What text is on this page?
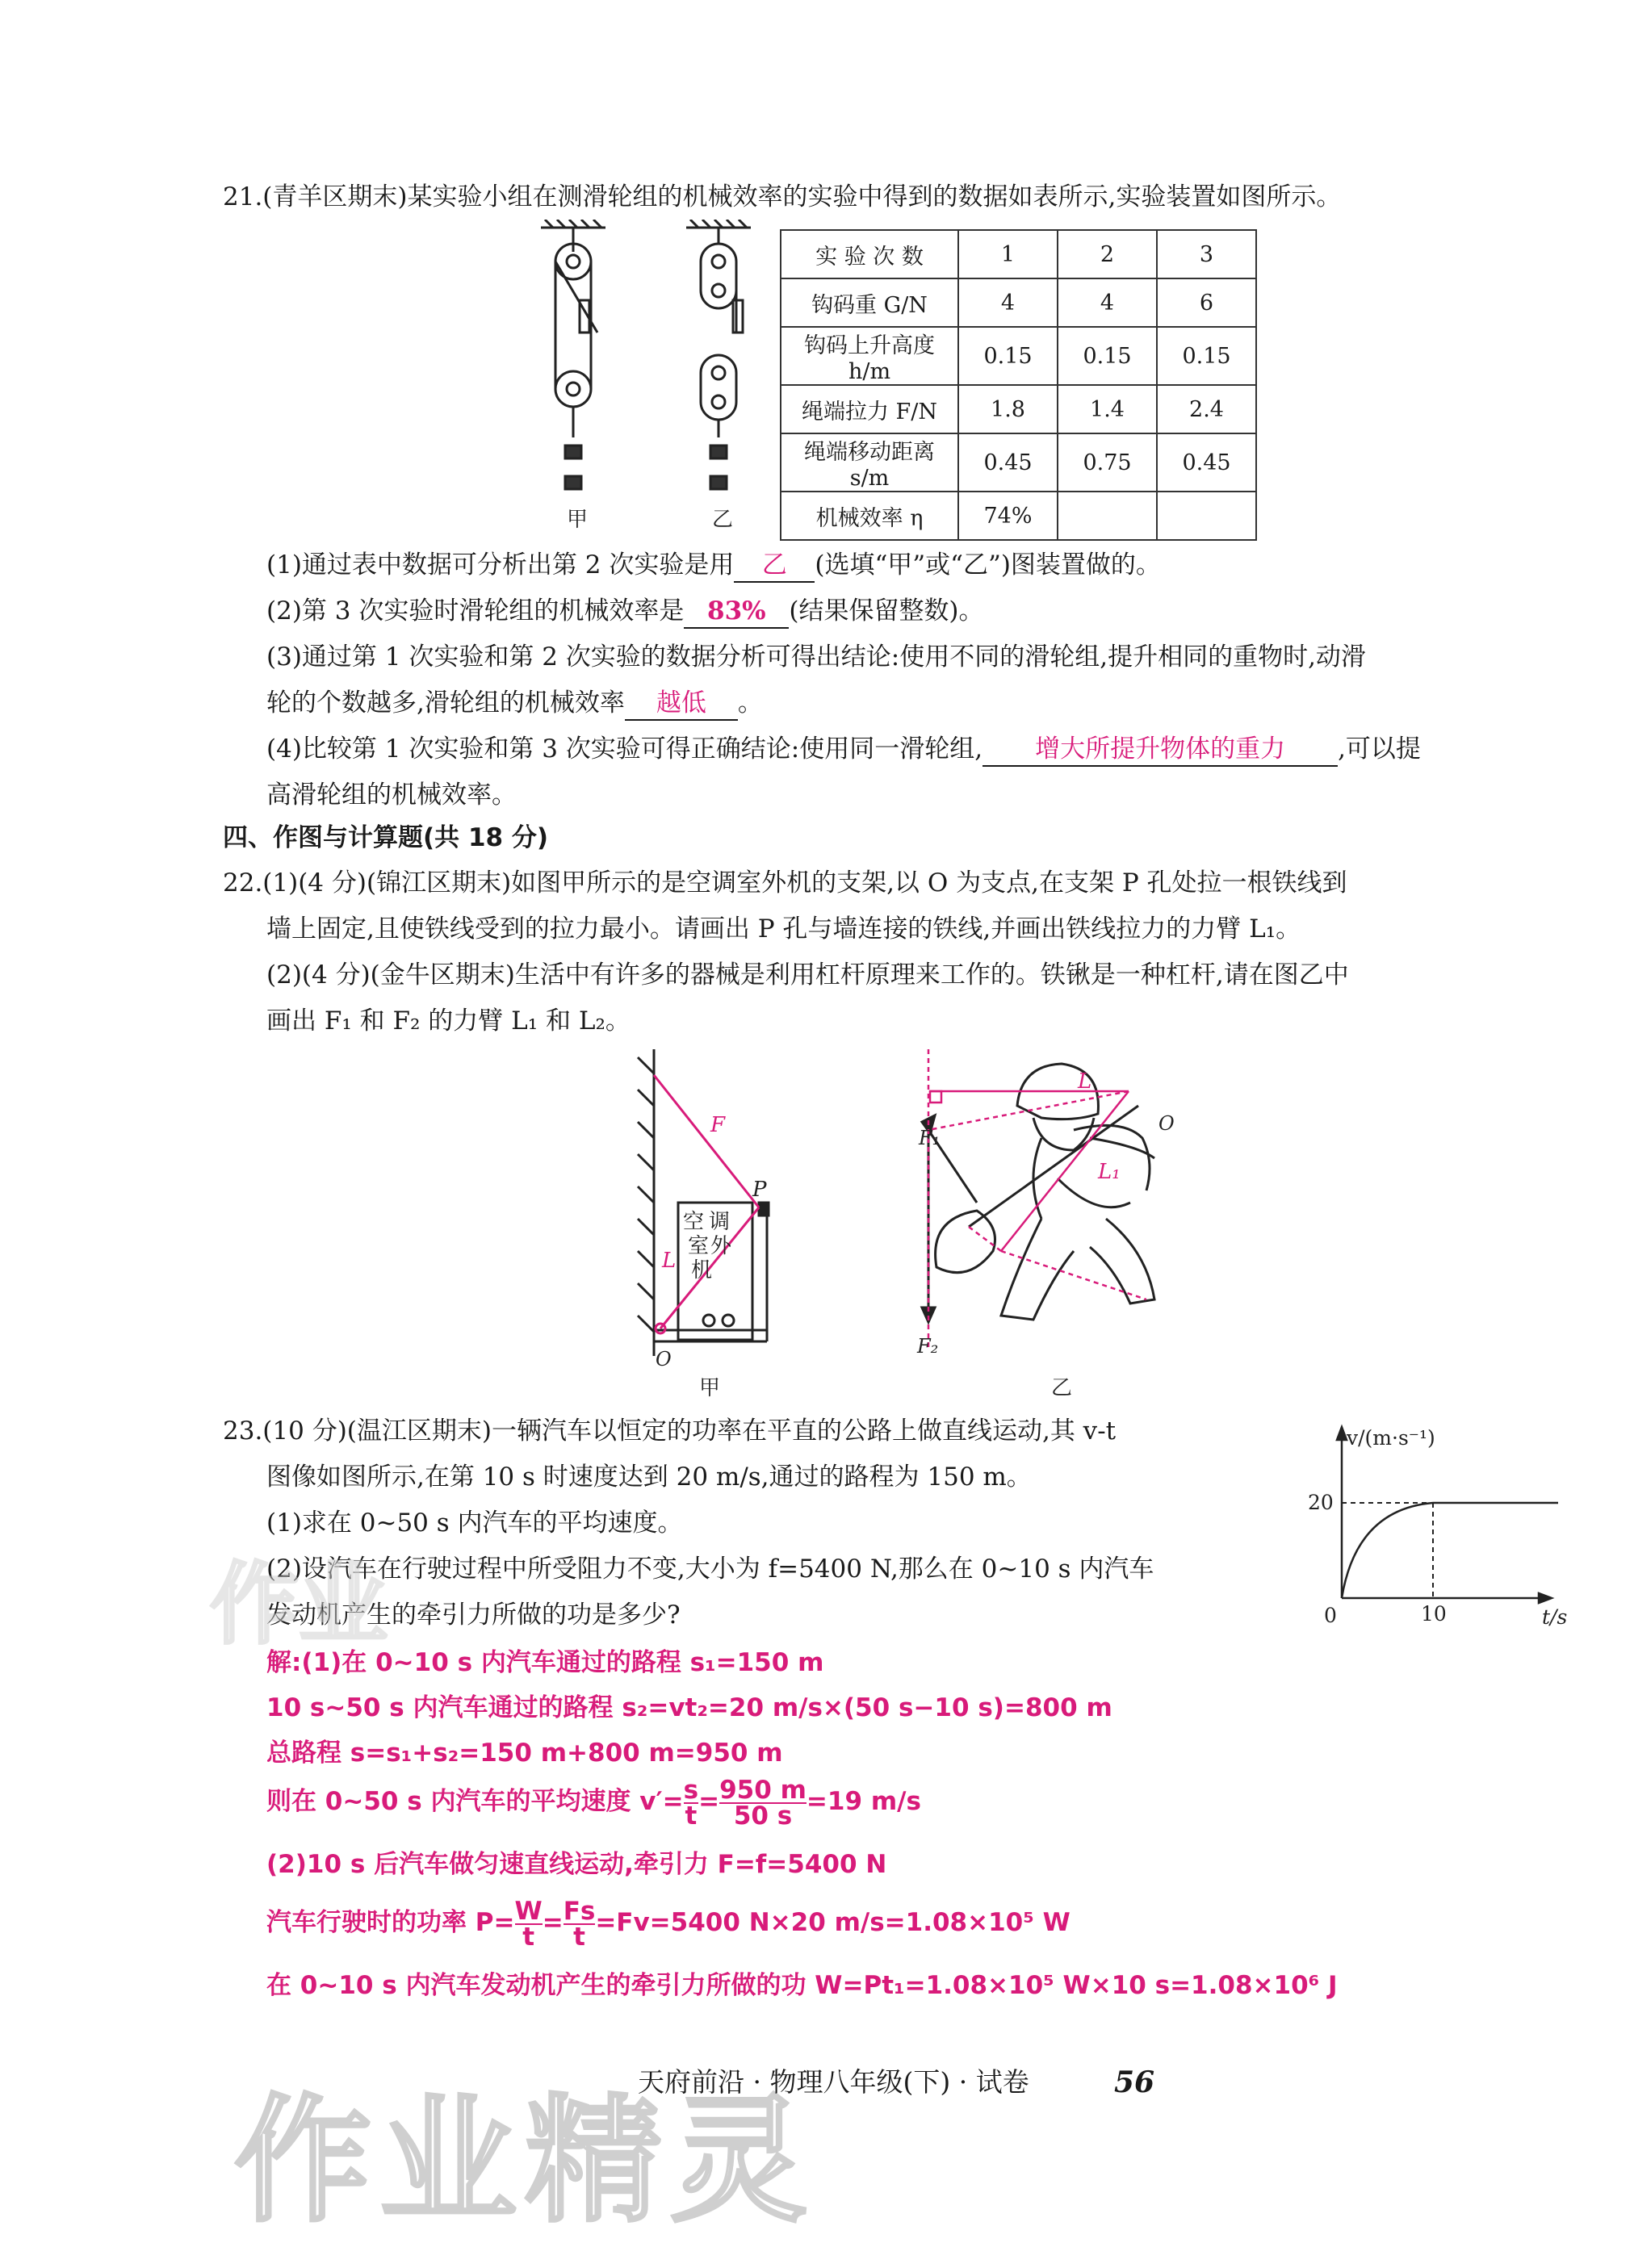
21.(青羊区期末)某实验小组在测滑轮组的机械效率的实验中得到的数据如表所示,实验装置如图所示。
甲	乙
实 验 次 数	1	2	3
钩码重 G/N	4	4	6
钩码上升高度 h/m	0.15	0.15	0.15
绳端拉力 F/N	1.8	1.4	2.4
绳端移动距离 s/m	0.45	0.75	0.45
机械效率 η	74%		
(1)通过表中数据可分析出第 2 次实验是用 乙 (选填“甲”或“乙”)图装置做的。
(2)第 3 次实验时滑轮组的机械效率是 83% (结果保留整数)。
(3)通过第 1 次实验和第 2 次实验的数据分析可得出结论:使用不同的滑轮组,提升相同的重物时,动滑
轮的个数越多,滑轮组的机械效率 越低 。
(4)比较第 1 次实验和第 3 次实验可得正确结论:使用同一滑轮组, 增大所提升物体的重力 ,可以提
高滑轮组的机械效率。
四、作图与计算题(共 18 分)
22.(1)(4 分)(锦江区期末)如图甲所示的是空调室外机的支架,以 O 为支点,在支架 P 孔处拉一根铁线到
墙上固定,且使铁线受到的拉力最小。请画出 P 孔与墙连接的铁线,并画出铁线拉力的力臂 L₁。
(2)(4 分)(金牛区期末)生活中有许多的器械是利用杠杆原理来工作的。铁锹是一种杠杆,请在图乙中
画出 F₁ 和 F₂ 的力臂 L₁ 和 L₂。
F
P
L
O
空 调
室 外
机
甲
F₁
F₂
L
L₁
O
乙
23.(10 分)(温江区期末)一辆汽车以恒定的功率在平直的公路上做直线运动,其 v-t
图像如图所示,在第 10 s 时速度达到 20 m/s,通过的路程为 150 m。
(1)求在 0~50 s 内汽车的平均速度。
(2)设汽车在行驶过程中所受阻力不变,大小为 f=5400 N,那么在 0~10 s 内汽车
发动机产生的牵引力所做的功是多少?
v/(m·s⁻¹)
20
0	10	t/s
解:(1)在 0~10 s 内汽车通过的路程 s₁=150 m
10 s~50 s 内汽车通过的路程 s₂=vt₂=20 m/s×(50 s−10 s)=800 m
总路程 s=s₁+s₂=150 m+800 m=950 m
则在 0~50 s 内汽车的平均速度 $v'= \frac{s}{t} = \frac{950 m}{50 s} =19$ m/s
(2)10 s 后汽车做匀速直线运动,牵引力 F=f=5400 N
汽车行驶时的功率 $P= \frac{W}{t} = \frac{Fs}{t} =Fv=5400$ N×20 m/s=1.08×10⁵ W
在 0~10 s 内汽车发动机产生的牵引力所做的功 W=Pt₁=1.08×10⁵ W×10 s=1.08×10⁶ J
作业
作业精灵
天府前沿 · 物理八年级(下) · 试卷	56
